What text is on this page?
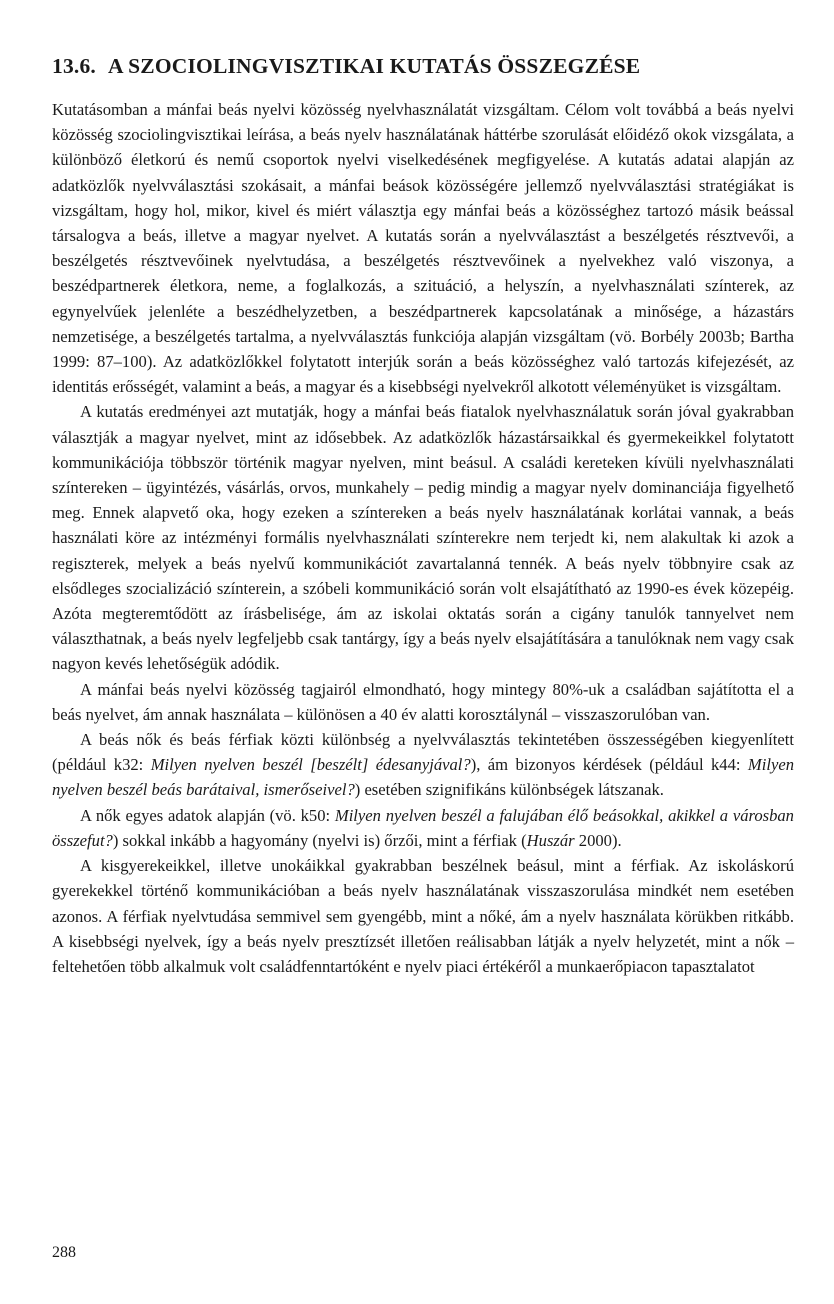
13.6. A SZOCIOLINGVISZTIKAI KUTATÁS ÖSSZEGZÉSE

Kutatásomban a mánfai beás nyelvi közösség nyelvhasználatát vizsgáltam. Célom volt továbbá a beás nyelvi közösség szociolingvisztikai leírása, a beás nyelv használatának háttérbe szorulását előidéző okok vizsgálata, a különböző életkorú és nemű csoportok nyelvi viselkedésének megfigyelése. A kutatás adatai alapján az adatközlők nyelvválasztási szokásait, a mánfai beások közösségére jellemző nyelvválasztási stratégiákat is vizsgáltam, hogy hol, mikor, kivel és miért választja egy mánfai beás a közösséghez tartozó másik beással társalogva a beás, illetve a magyar nyelvet. A kutatás során a nyelvválasztást a beszélgetés résztvevői, a beszélgetés résztvevőinek nyelvtudása, a beszélgetés résztvevőinek a nyelvekhez való viszonya, a beszédpartnerek életkora, neme, a foglalkozás, a szituáció, a helyszín, a nyelvhasználati színterek, az egynyelvűek jelenléte a beszédhelyzetben, a beszédpartnerek kapcsolatának a minősége, a házastárs nemzetisége, a beszélgetés tartalma, a nyelvválasztás funkciója alapján vizsgáltam (vö. Borbély 2003b; Bartha 1999: 87–100). Az adatközlőkkel folytatott interjúk során a beás közösséghez való tartozás kifejezését, az identitás erősségét, valamint a beás, a magyar és a kisebbségi nyelvekről alkotott véleményüket is vizsgáltam.

A kutatás eredményei azt mutatják, hogy a mánfai beás fiatalok nyelvhasználatuk során jóval gyakrabban választják a magyar nyelvet, mint az idősebbek. Az adatközlők házastársaikkal és gyermekeikkel folytatott kommunikációja többször történik magyar nyelven, mint beásul. A családi kereteken kívüli nyelvhasználati színtereken – ügyintézés, vásárlás, orvos, munkahely – pedig mindig a magyar nyelv dominanciája figyelhető meg. Ennek alapvető oka, hogy ezeken a színtereken a beás nyelv használatának korlátai vannak, a beás használati köre az intézményi formális nyelvhasználati színterekre nem terjedt ki, nem alakultak ki azok a regiszterek, melyek a beás nyelvű kommunikációt zavartalanná tennék. A beás nyelv többnyire csak az elsődleges szocializáció színterein, a szóbeli kommunikáció során volt elsajátítható az 1990-es évek közepéig. Azóta megteremtődött az írásbelisége, ám az iskolai oktatás során a cigány tanulók tannyelvet nem választhatnak, a beás nyelv legfeljebb csak tantárgy, így a beás nyelv elsajátítására a tanulóknak nem vagy csak nagyon kevés lehetőségük adódik.

A mánfai beás nyelvi közösség tagjairól elmondható, hogy mintegy 80%-uk a családban sajátította el a beás nyelvet, ám annak használata – különösen a 40 év alatti korosztálynál – visszaszorulóban van.

A beás nők és beás férfiak közti különbség a nyelvválasztás tekintetében összességében kiegyenlített (például k32: Milyen nyelven beszél [beszélt] édesanyjával?), ám bizonyos kérdések (például k44: Milyen nyelven beszél beás barátaival, ismerőseivel?) esetében szignifikáns különbségek látszanak.

A nők egyes adatok alapján (vö. k50: Milyen nyelven beszél a falujában élő beásokkal, akikkel a városban összefut?) sokkal inkább a hagyomány (nyelvi is) őrzői, mint a férfiak (Huszár 2000).

A kisgyerekeikkel, illetve unokáikkal gyakrabban beszélnek beásul, mint a férfiak. Az iskoláskorú gyerekekkel történő kommunikációban a beás nyelv használatának visszaszorulása mindkét nem esetében azonos. A férfiak nyelvtudása semmivel sem gyengébb, mint a nőké, ám a nyelv használata körükben ritkább. A kisebbségi nyelvek, így a beás nyelv presztízsét illetően reálisabban látják a nyelv helyzetét, mint a nők – feltehetően több alkalmuk volt családfenntartóként e nyelv piaci értékéről a munkaerőpiacon tapasztalatot

288
